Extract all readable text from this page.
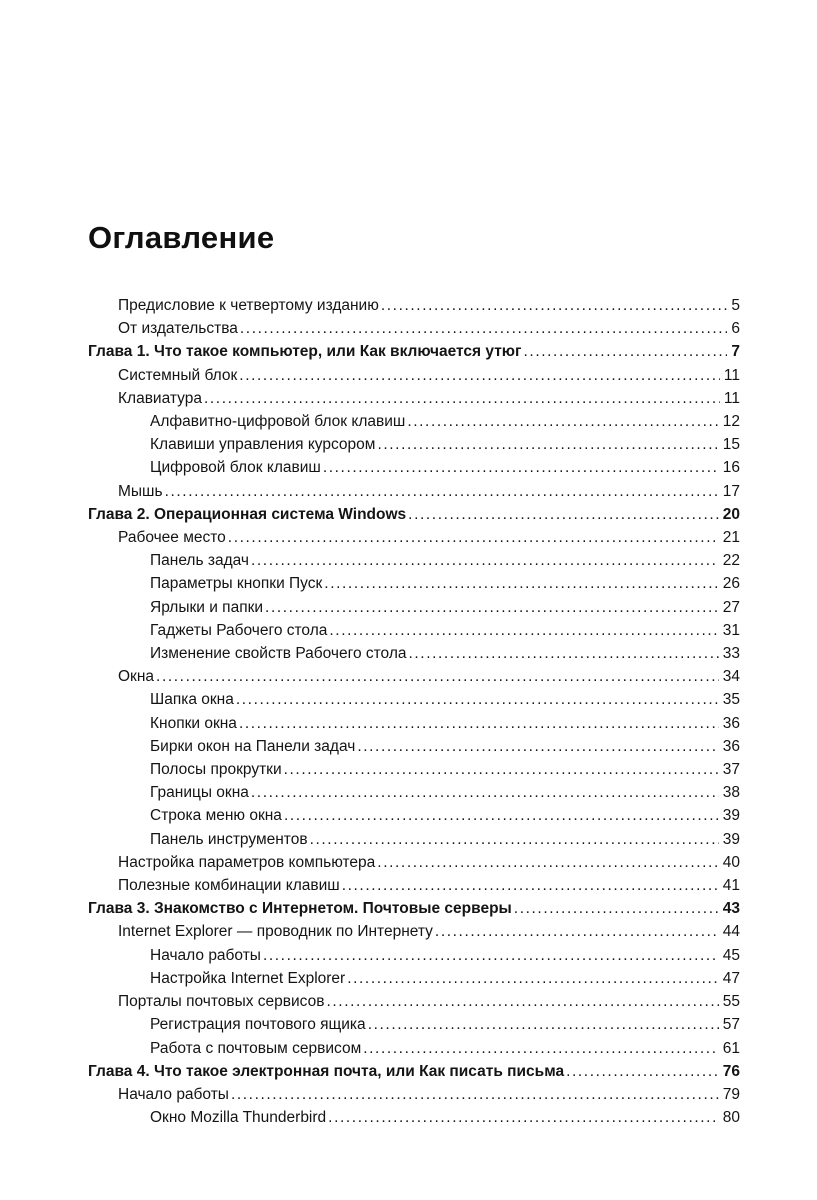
Оглавление
Предисловие к четвертому изданию .....	5
От издательства .....	6
Глава 1. Что такое компьютер, или Как включается утюг .....	7
Системный блок .....	11
Клавиатура .....	11
Алфавитно-цифровой блок клавиш .....	12
Клавиши управления курсором .....	15
Цифровой блок клавиш .....	16
Мышь .....	17
Глава 2. Операционная система Windows .....	20
Рабочее место .....	21
Панель задач .....	22
Параметры кнопки Пуск .....	26
Ярлыки и папки .....	27
Гаджеты Рабочего стола .....	31
Изменение свойств Рабочего стола .....	33
Окна .....	34
Шапка окна .....	35
Кнопки окна .....	36
Бирки окон на Панели задач .....	36
Полосы прокрутки .....	37
Границы окна .....	38
Строка меню окна .....	39
Панель инструментов .....	39
Настройка параметров компьютера .....	40
Полезные комбинации клавиш .....	41
Глава 3. Знакомство с Интернетом. Почтовые серверы .....	43
Internet Explorer — проводник по Интернету .....	44
Начало работы .....	45
Настройка Internet Explorer .....	47
Порталы почтовых сервисов .....	55
Регистрация почтового ящика .....	57
Работа с почтовым сервисом .....	61
Глава 4. Что такое электронная почта, или Как писать письма .....	76
Начало работы .....	79
Окно Mozilla Thunderbird .....	80
